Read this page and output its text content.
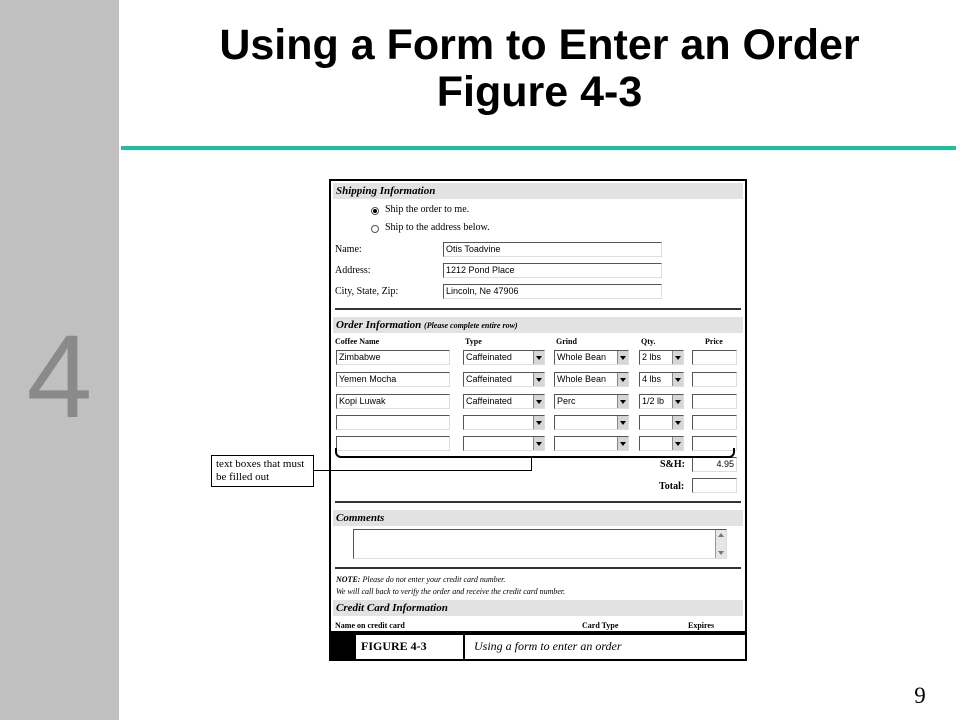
4
Using a Form to Enter an Order
Figure 4-3
Shipping Information
Ship the order to me.
Ship to the address below.
Name:	Otis Toadvine
Address:	1212 Pond Place
City, State, Zip:	Lincoln, Ne 47906
Order Information (Please complete entire row)
Coffee Name	Type	Grind	Qty.	Price
Zimbabwe	Caffeinated	Whole Bean	2 lbs
Yemen Mocha	Caffeinated	Whole Bean	4 lbs
Kopi Luwak	Caffeinated	Perc	1/2 lb
S&H:	4.95
Total:
Comments
NOTE: Please do not enter your credit card number.
We will call back to verify the order and receive the credit card number.
Credit Card Information
Name on credit card	Card Type	Expires
text boxes that must be filled out
FIGURE 4-3	Using a form to enter an order
9
